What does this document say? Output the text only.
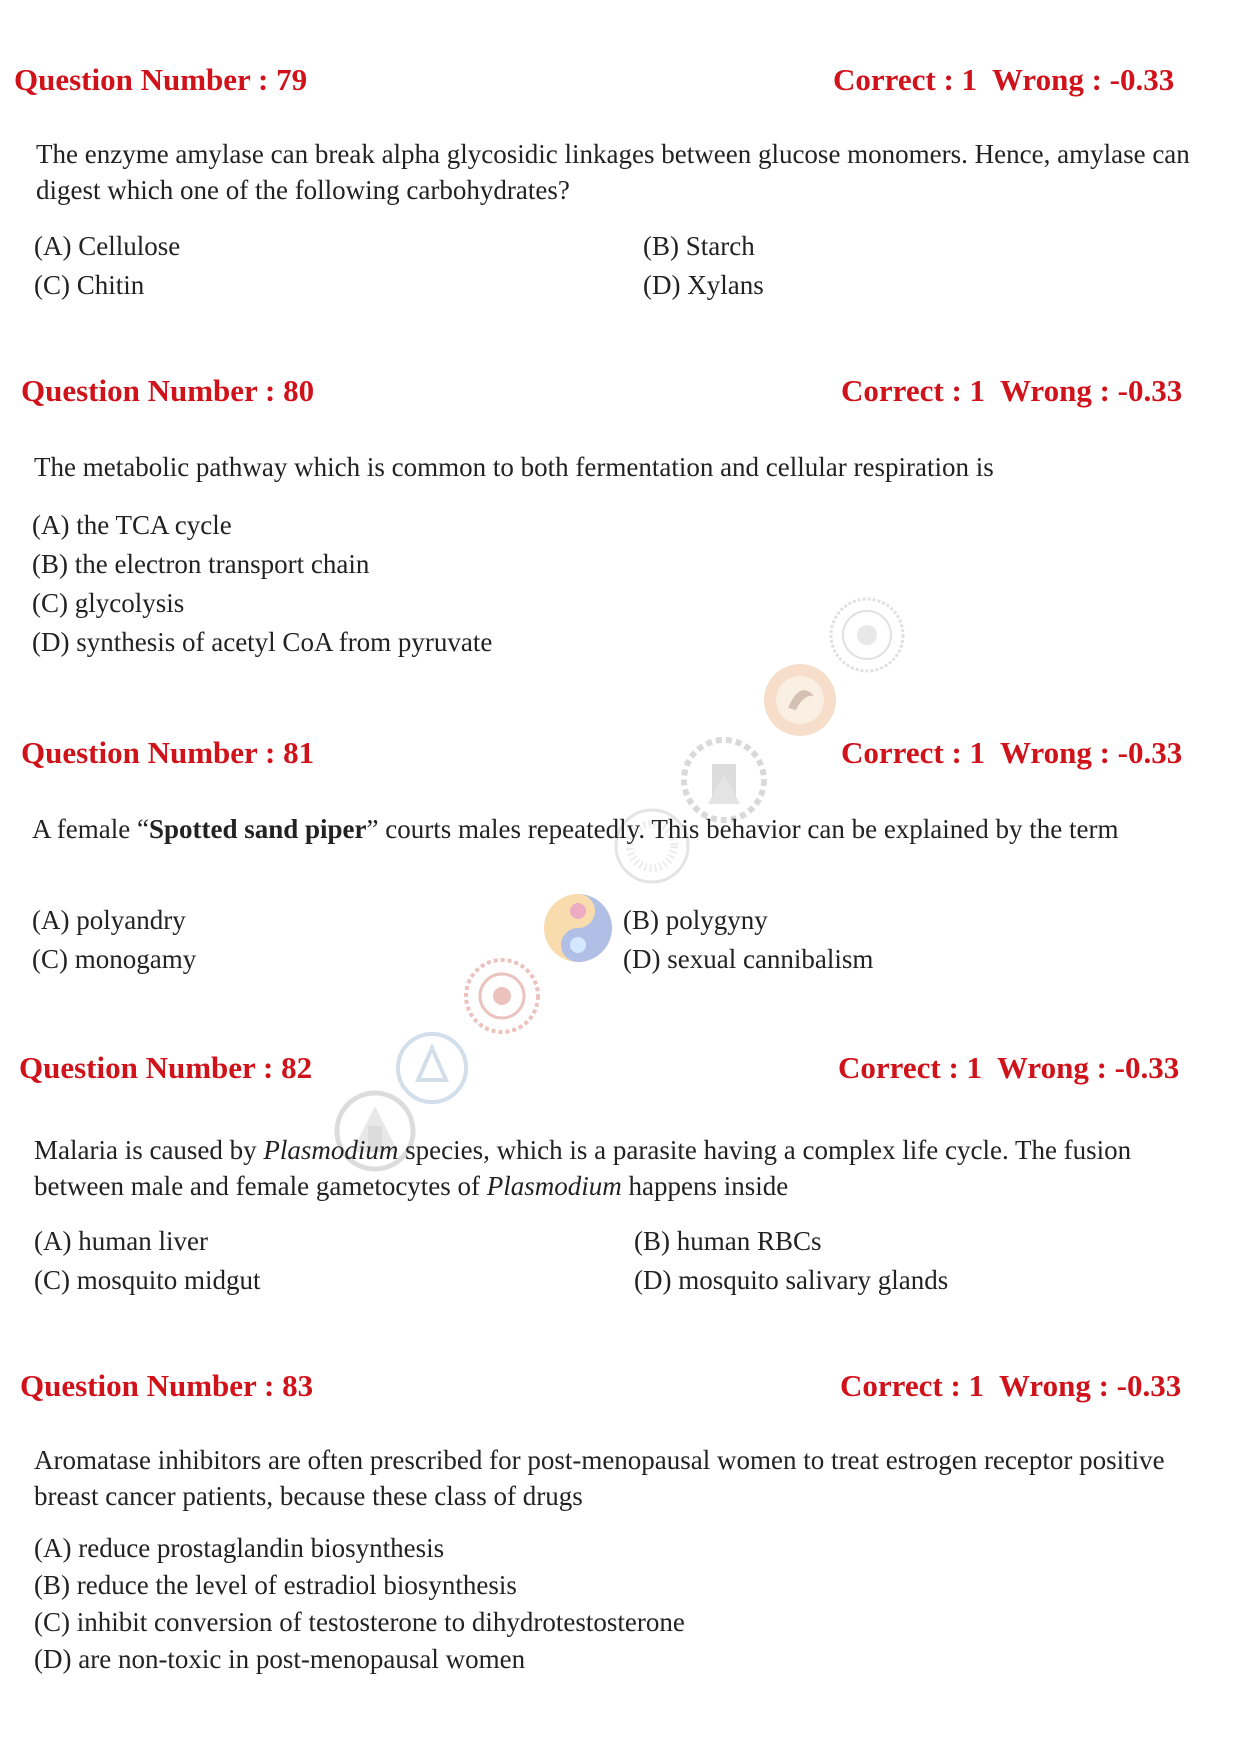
Question Number : 79	Correct : 1  Wrong : -0.33
The enzyme amylase can break alpha glycosidic linkages between glucose monomers. Hence, amylase can digest which one of the following carbohydrates?
(A) Cellulose	(B) Starch
(C) Chitin	(D) Xylans
Question Number : 80	Correct : 1  Wrong : -0.33
The metabolic pathway which is common to both fermentation and cellular respiration is
(A) the TCA cycle
(B) the electron transport chain
(C) glycolysis
(D) synthesis of acetyl CoA from pyruvate
Question Number : 81	Correct : 1  Wrong : -0.33
A female “Spotted sand piper” courts males repeatedly. This behavior can be explained by the term
(A) polyandry	(B) polygyny
(C) monogamy	(D) sexual cannibalism
Question Number : 82	Correct : 1  Wrong : -0.33
Malaria is caused by Plasmodium species, which is a parasite having a complex life cycle. The fusion between male and female gametocytes of Plasmodium happens inside
(A) human liver	(B) human RBCs
(C) mosquito midgut	(D) mosquito salivary glands
Question Number : 83	Correct : 1  Wrong : -0.33
Aromatase inhibitors are often prescribed for post-menopausal women to treat estrogen receptor positive breast cancer patients, because these class of drugs
(A) reduce prostaglandin biosynthesis
(B) reduce the level of estradiol biosynthesis
(C) inhibit conversion of testosterone to dihydrotestosterone
(D) are non-toxic in post-menopausal women
